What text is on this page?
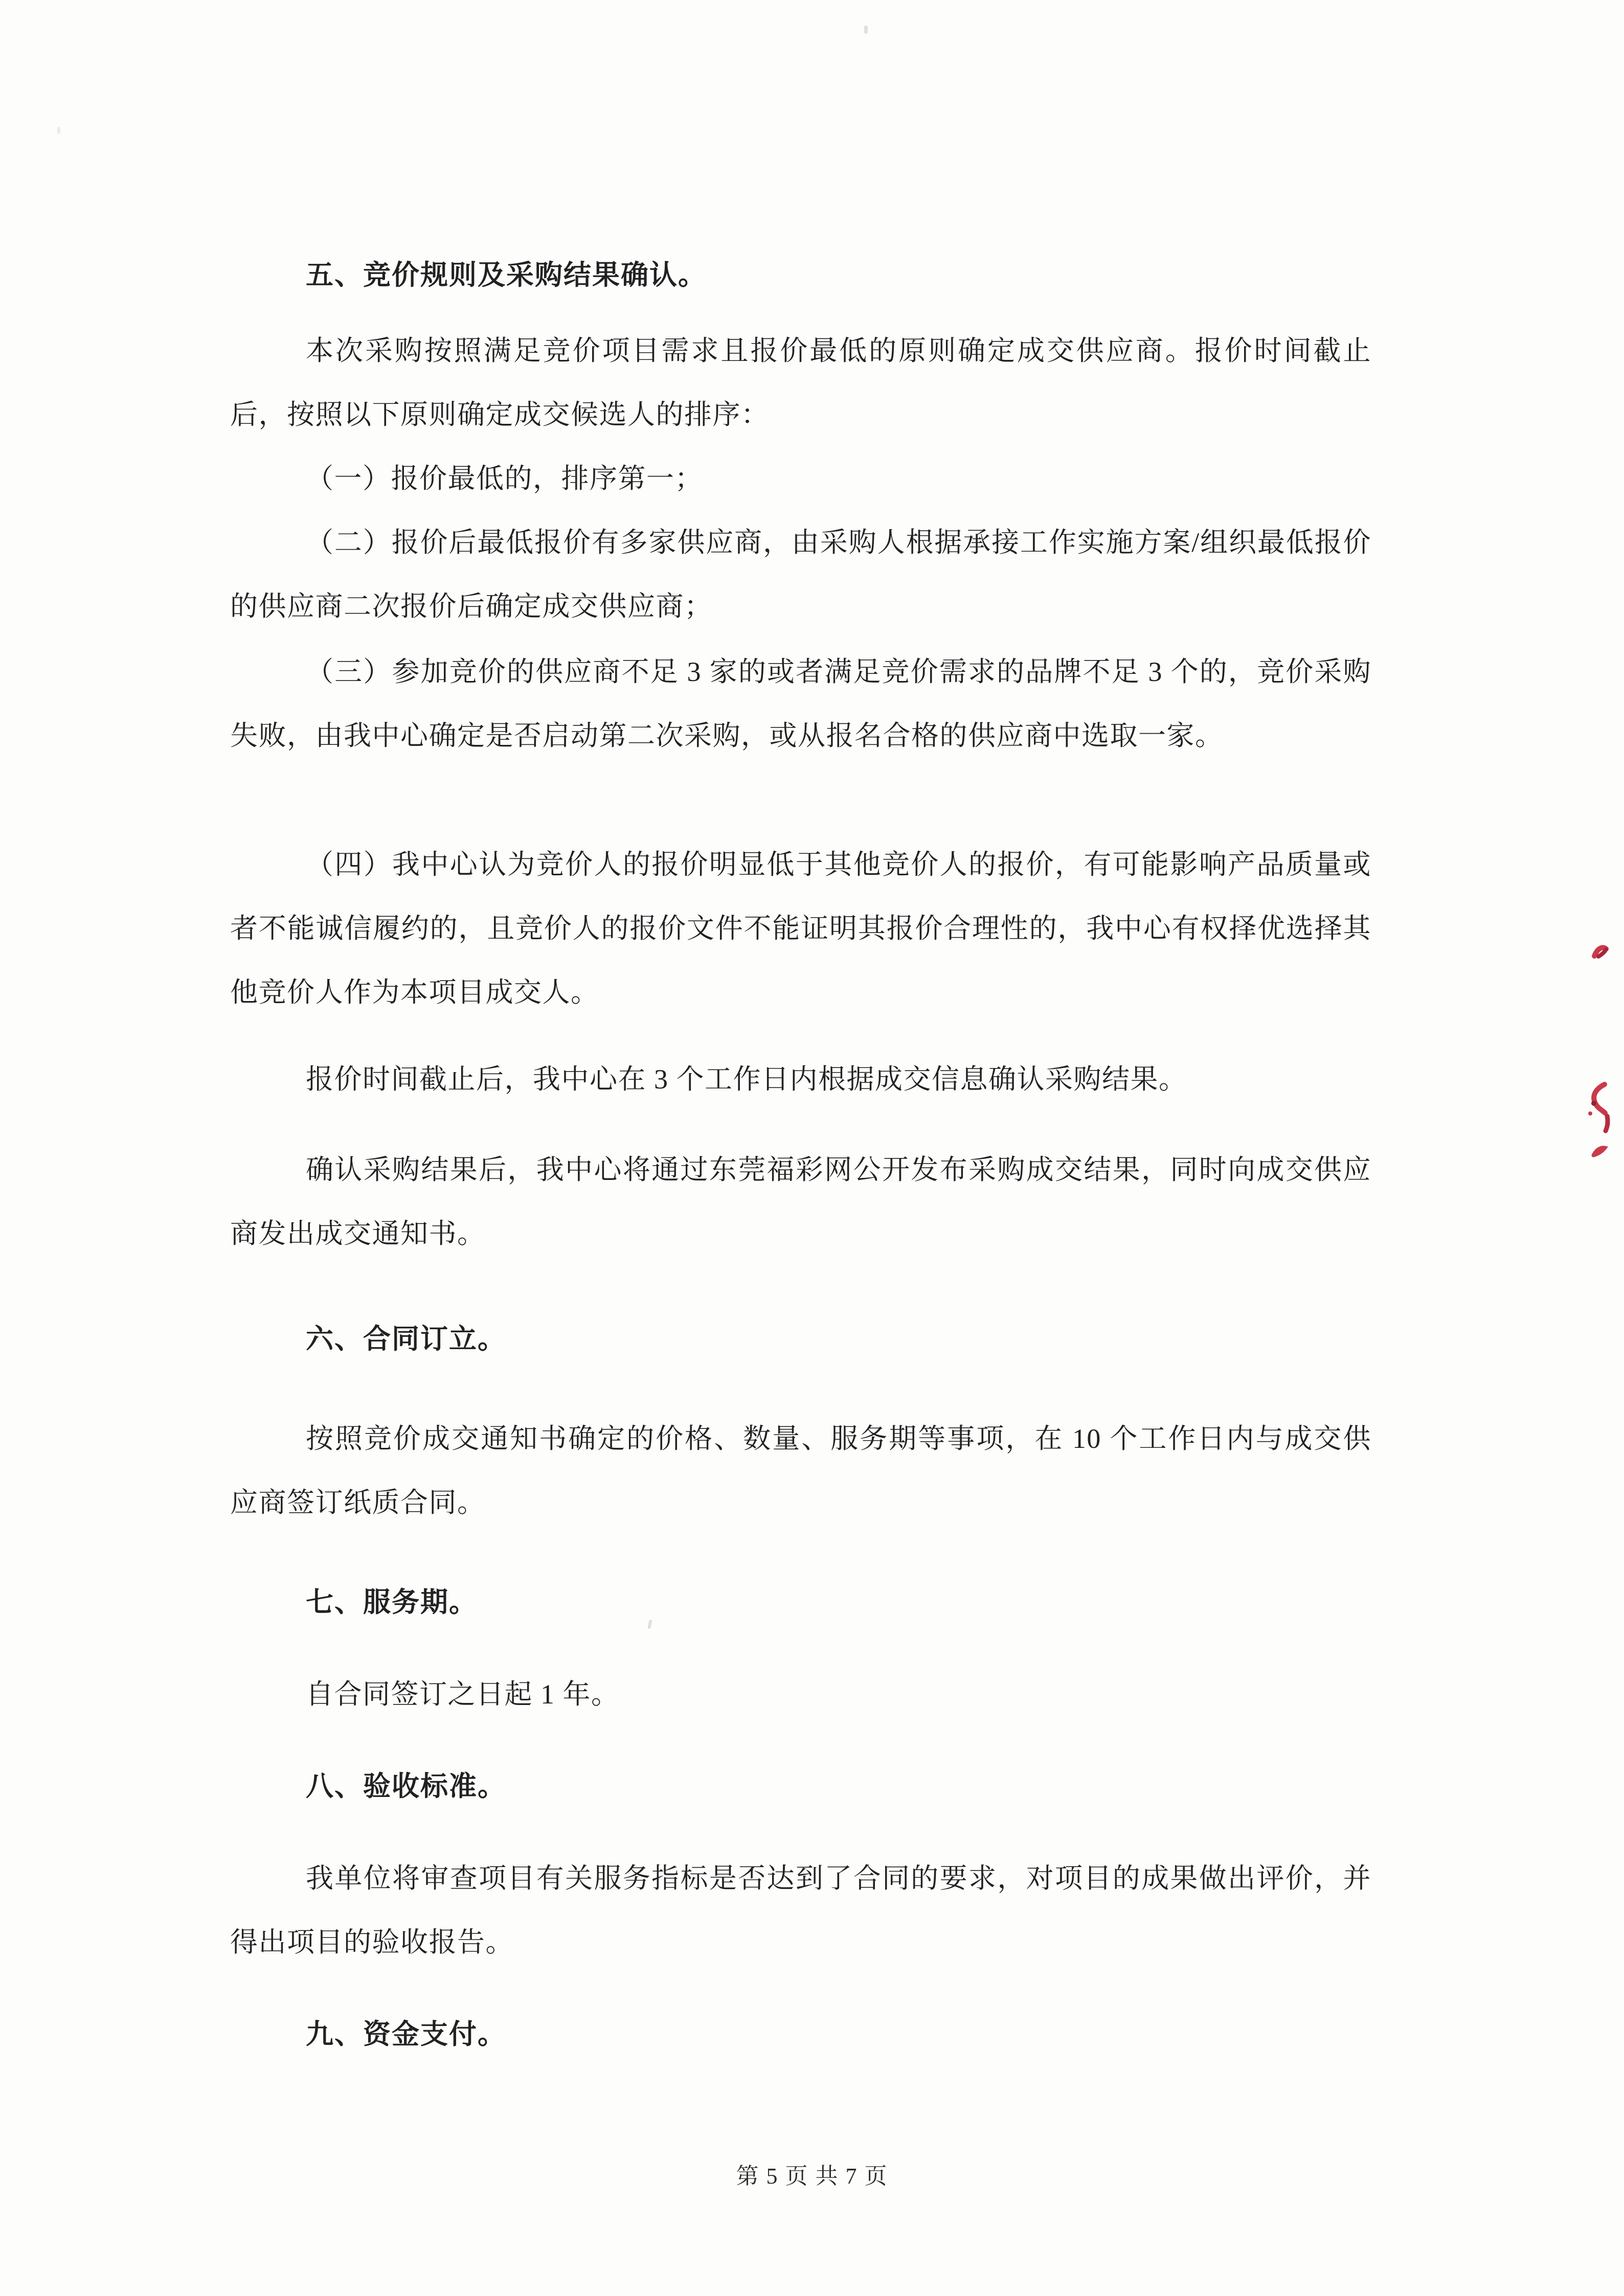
五、竞价规则及采购结果确认。
本次采购按照满足竞价项目需求且报价最低的原则确定成交供应商。报价时间截止后，按照以下原则确定成交候选人的排序：
（一）报价最低的，排序第一；
（二）报价后最低报价有多家供应商，由采购人根据承接工作实施方案/组织最低报价的供应商二次报价后确定成交供应商；
（三）参加竞价的供应商不足 3 家的或者满足竞价需求的品牌不足 3 个的，竞价采购失败，由我中心确定是否启动第二次采购，或从报名合格的供应商中选取一家。
（四）我中心认为竞价人的报价明显低于其他竞价人的报价，有可能影响产品质量或者不能诚信履约的，且竞价人的报价文件不能证明其报价合理性的，我中心有权择优选择其他竞价人作为本项目成交人。
报价时间截止后，我中心在 3 个工作日内根据成交信息确认采购结果。
确认采购结果后，我中心将通过东莞福彩网公开发布采购成交结果，同时向成交供应商发出成交通知书。
六、合同订立。
按照竞价成交通知书确定的价格、数量、服务期等事项，在 10 个工作日内与成交供应商签订纸质合同。
七、服务期。
自合同签订之日起 1 年。
八、验收标准。
我单位将审查项目有关服务指标是否达到了合同的要求，对项目的成果做出评价，并得出项目的验收报告。
九、资金支付。
第 5 页 共 7 页
